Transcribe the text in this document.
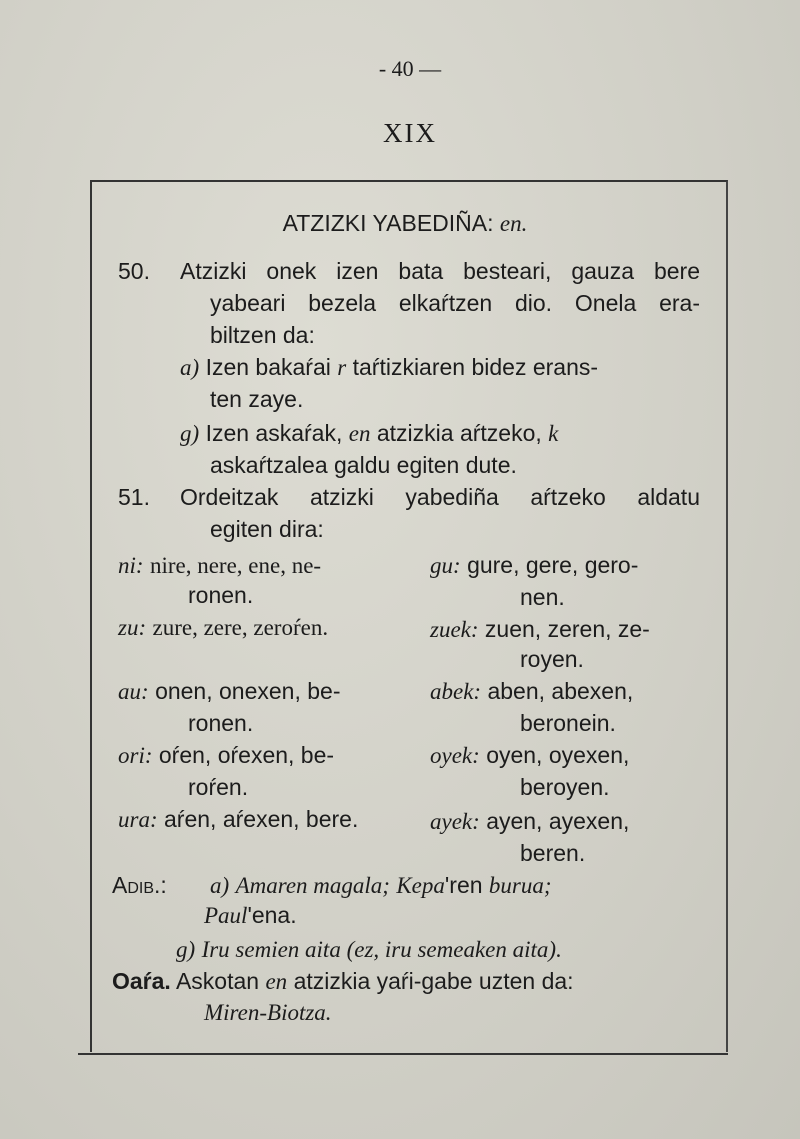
- 40 —
XIX
ATZIZKI YABEDIÑA: en.
50. Atzizki onek izen bata besteari, gauza bere
yabeari bezela elkaŕtzen dio. Onela era-
biltzen da:
a) Izen bakaŕai r taŕtizkiaren bidez erans-
ten zaye.
g) Izen askaŕak, en atzizkia aŕtzeko, k
askaŕtzalea galdu egiten dute.
51. Ordeitzak atzizki yabediña aŕtzeko aldatu
egiten dira:
ni: nire, nere, ene, ne-
ronen.
zu: zure, zere, zeroŕen.
au: onen, onexen, be-
ronen.
ori: oŕen, oŕexen, be-
roŕen.
ura: aŕen, aŕexen, bere.
gu: gure, gere, gero-
nen.
zuek: zuen, zeren, ze-
royen.
abek: aben, abexen,
beronein.
oyek: oyen, oyexen,
beroyen.
ayek: ayen, ayexen,
beren.
Adib.: a) Amaren magala; Kepa'ren burua;
Paul'ena.
g) Iru semien aita (ez, iru semeaken aita).
Oaŕa. Askotan en atzizkia yaŕi-gabe uzten da:
Miren-Biotza.
